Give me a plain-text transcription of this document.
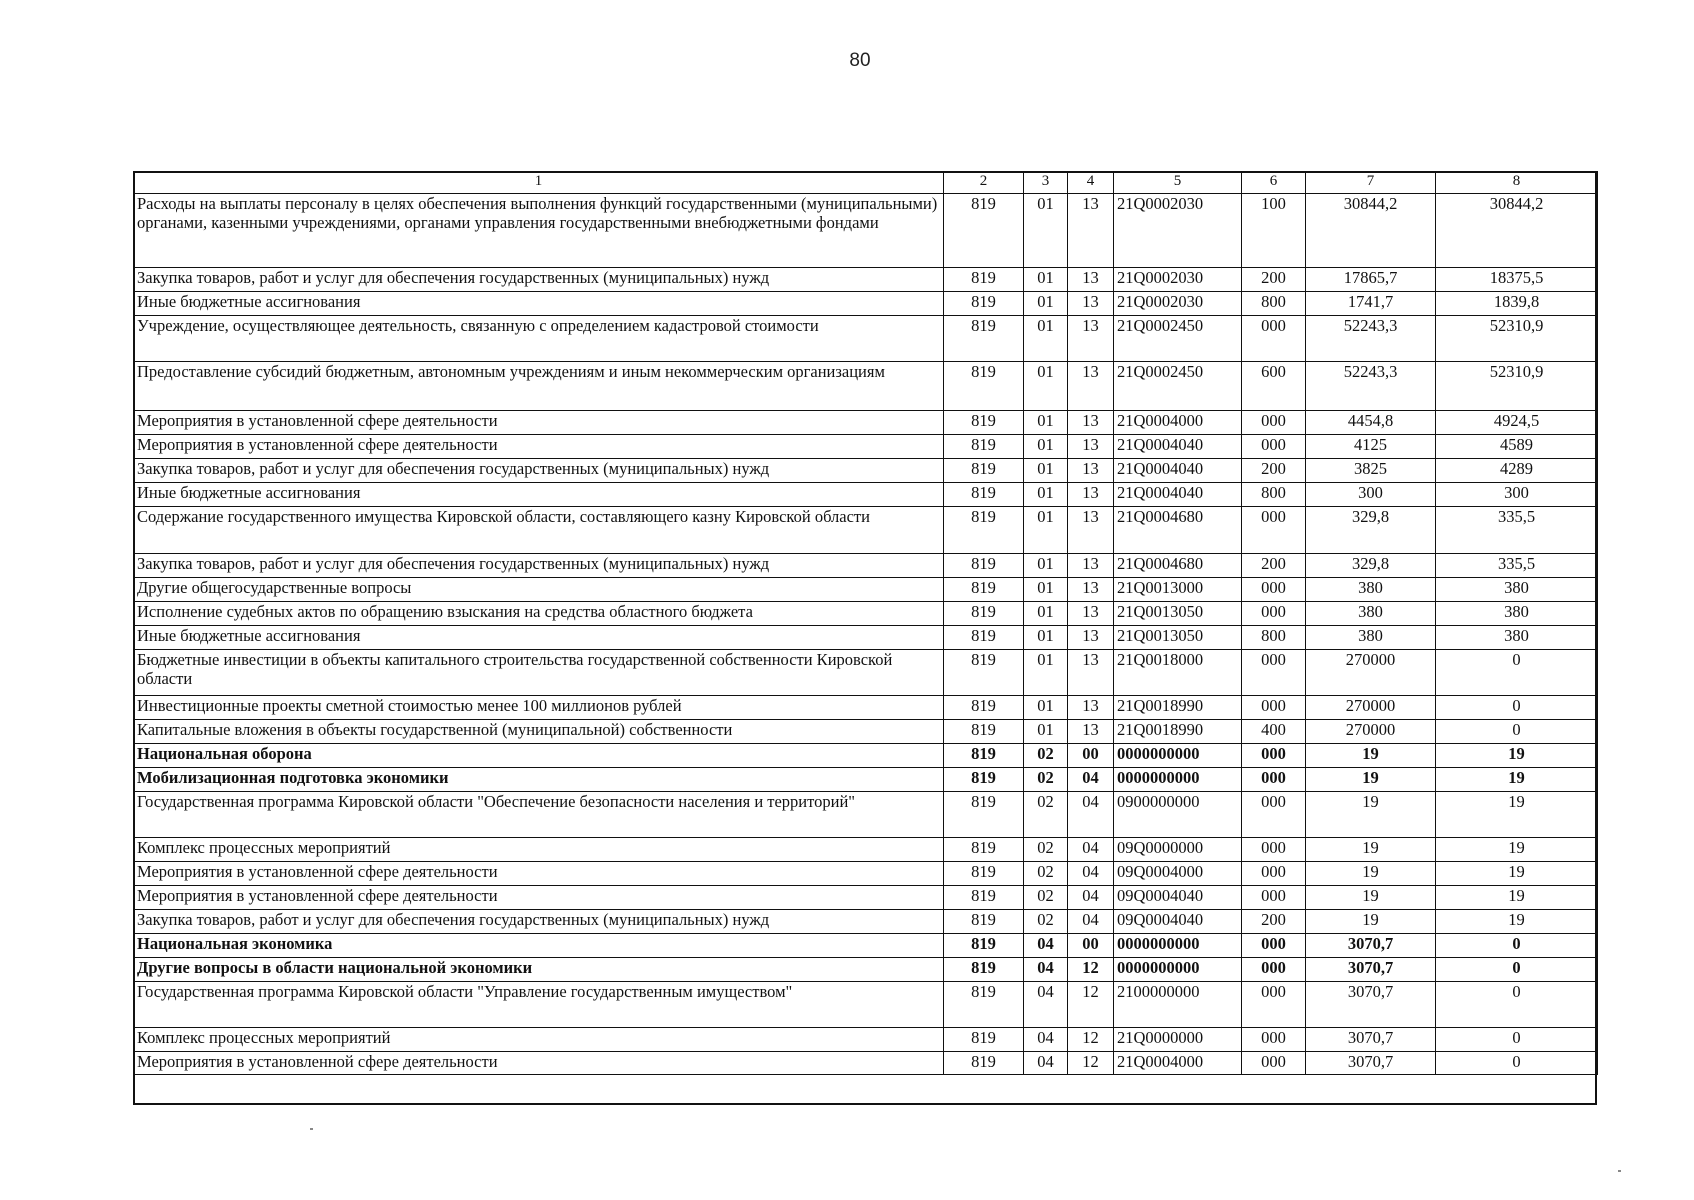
80
1	2	3	4	5	6	7	8
Расходы на выплаты персоналу в целях обеспечения выполнения функций государственными (муниципальными) органами, казенными учреждениями, органами управления государственными внебюджетными фондами	819	01	13	21Q0002030	100	30844,2	30844,2
Закупка товаров, работ и услуг для обеспечения государственных (муниципальных) нужд	819	01	13	21Q0002030	200	17865,7	18375,5
Иные бюджетные ассигнования	819	01	13	21Q0002030	800	1741,7	1839,8
Учреждение, осуществляющее деятельность, связанную с определением кадастровой стоимости	819	01	13	21Q0002450	000	52243,3	52310,9
Предоставление субсидий бюджетным, автономным учреждениям и иным некоммерческим организациям	819	01	13	21Q0002450	600	52243,3	52310,9
Мероприятия в установленной сфере деятельности	819	01	13	21Q0004000	000	4454,8	4924,5
Мероприятия в установленной сфере деятельности	819	01	13	21Q0004040	000	4125	4589
Закупка товаров, работ и услуг для обеспечения государственных (муниципальных) нужд	819	01	13	21Q0004040	200	3825	4289
Иные бюджетные ассигнования	819	01	13	21Q0004040	800	300	300
Содержание государственного имущества Кировской области, составляющего казну Кировской области	819	01	13	21Q0004680	000	329,8	335,5
Закупка товаров, работ и услуг для обеспечения государственных (муниципальных) нужд	819	01	13	21Q0004680	200	329,8	335,5
Другие общегосударственные вопросы	819	01	13	21Q0013000	000	380	380
Исполнение судебных актов по обращению взыскания на средства областного бюджета	819	01	13	21Q0013050	000	380	380
Иные бюджетные ассигнования	819	01	13	21Q0013050	800	380	380
Бюджетные инвестиции в объекты капитального строительства государственной собственности Кировской области	819	01	13	21Q0018000	000	270000	0
Инвестиционные проекты сметной стоимостью менее 100 миллионов рублей	819	01	13	21Q0018990	000	270000	0
Капитальные вложения в объекты государственной (муниципальной) собственности	819	01	13	21Q0018990	400	270000	0
Национальная оборона	819	02	00	0000000000	000	19	19
Мобилизационная подготовка экономики	819	02	04	0000000000	000	19	19
Государственная программа Кировской области "Обеспечение безопасности населения и территорий"	819	02	04	0900000000	000	19	19
Комплекс процессных мероприятий	819	02	04	09Q0000000	000	19	19
Мероприятия в установленной сфере деятельности	819	02	04	09Q0004000	000	19	19
Мероприятия в установленной сфере деятельности	819	02	04	09Q0004040	000	19	19
Закупка товаров, работ и услуг для обеспечения государственных (муниципальных) нужд	819	02	04	09Q0004040	200	19	19
Национальная экономика	819	04	00	0000000000	000	3070,7	0
Другие вопросы в области национальной экономики	819	04	12	0000000000	000	3070,7	0
Государственная программа Кировской области "Управление государственным имуществом"	819	04	12	2100000000	000	3070,7	0
Комплекс процессных мероприятий	819	04	12	21Q0000000	000	3070,7	0
Мероприятия в установленной сфере деятельности	819	04	12	21Q0004000	000	3070,7	0
